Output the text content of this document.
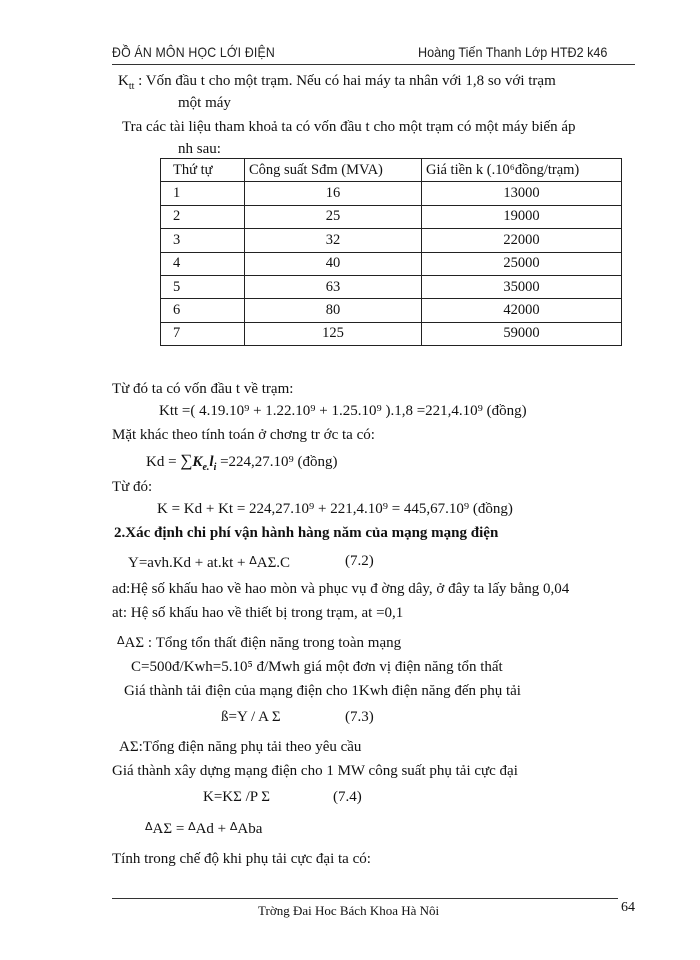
ĐỒ ÁN MÔN HỌC LỚI ĐIỆN	Hoàng Tiến Thanh Lớp HTĐ2 k46
$K_{tt}$ : Vốn đầu t cho một trạm. Nếu có hai máy ta nhân với 1,8 so với trạm
một máy
Tra các tài liệu tham khoả ta có vốn đầu t cho một trạm có một máy biến áp
nh sau:
Thứ tự	Công suất Sđm (MVA)	Giá tiền k (.10⁶đồng/trạm)
1	16	13000
2	25	19000
3	32	22000
4	40	25000
5	63	35000
6	80	42000
7	125	59000
Từ đó ta có vốn đầu t về trạm:
Ktt =( 4.19.10⁹ + 1.22.10⁹ + 1.25.10⁹ ).1,8 =221,4.10⁹ (đồng)
Mặt khác theo tính toán ở chơng tr ớc ta có:
$Kd = \sum K_{e.}l_i =224,27.10^9$ (đồng)
Từ đó:
K = Kd + Kt = 224,27.10⁹ + 221,4.10⁹ = 445,67.10⁹ (đồng)
2.Xác định chi phí vận hành hàng năm của mạng mạng điện
Y=avh.Kd + at.kt + $^\Delta$AΣ.C	(7.2)
ad:Hệ số khấu hao về hao mòn và phục vụ đ ờng dây, ở đây ta lấy bằng 0,04
at: Hệ số khấu hao về thiết bị trong trạm, at =0,1
$^\Delta$AΣ : Tổng tổn thất điện năng trong toàn mạng
C=500đ/Kwh=5.10⁵ đ/Mwh giá một đơn vị điện năng tổn thất
Giá thành tải điện của mạng điện cho 1Kwh điện năng đến phụ tải
ß=Y / A Σ	(7.3)
AΣ:Tổng điện năng phụ tải theo yêu cầu
Giá thành xây dựng mạng điện cho 1 MW công suất phụ tải cực đại
K=KΣ /P Σ	(7.4)
$^\Delta$AΣ = $^\Delta$Ad + $^\Delta$Aba
Tính trong chế độ khi phụ tải cực đại ta có:
Trờng Đai Hoc Bách Khoa Hà Nôi	64
